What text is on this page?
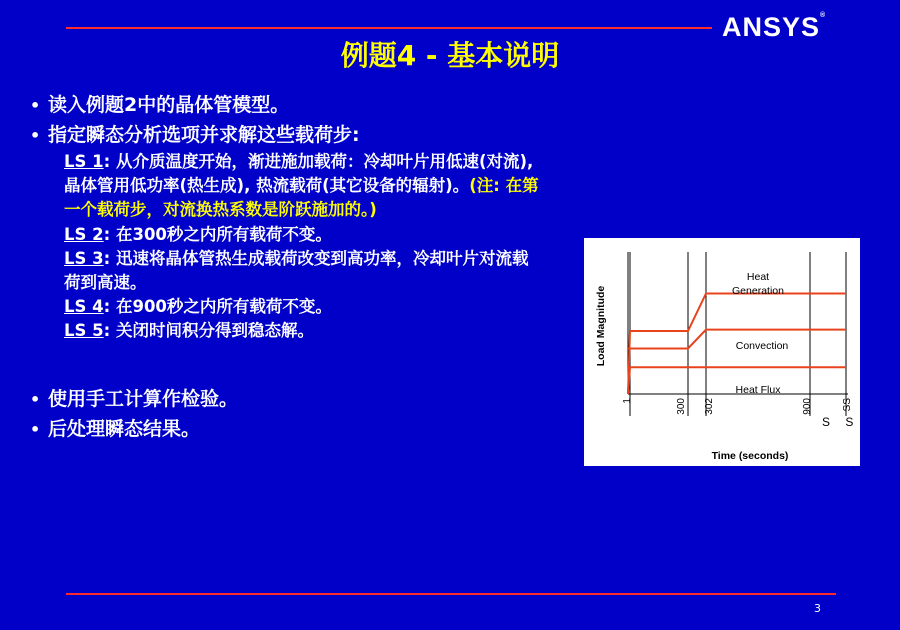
ANSYS®
例题4 - 基本说明
• 读入例题2中的晶体管模型。
• 指定瞬态分析选项并求解这些载荷步:
LS 1: 从介质温度开始，渐进施加载荷：冷却叶片用低速(对流), 晶体管用低功率(热生成), 热流载荷(其它设备的辐射)。(注: 在第一个载荷步，对流换热系数是阶跃施加的。)
LS 2: 在300秒之内所有载荷不变。
LS 3: 迅速将晶体管热生成载荷改变到高功率，冷却叶片对流载荷到高速。
LS 4: 在900秒之内所有载荷不变。
LS 5: 关闭时间积分得到稳态解。
• 使用手工计算作检验。
• 后处理瞬态结果。
Heat
Generation
Convection
Heat Flux
1	300 302	900	SS
S S
Load Magnitude
Time (seconds)
3
